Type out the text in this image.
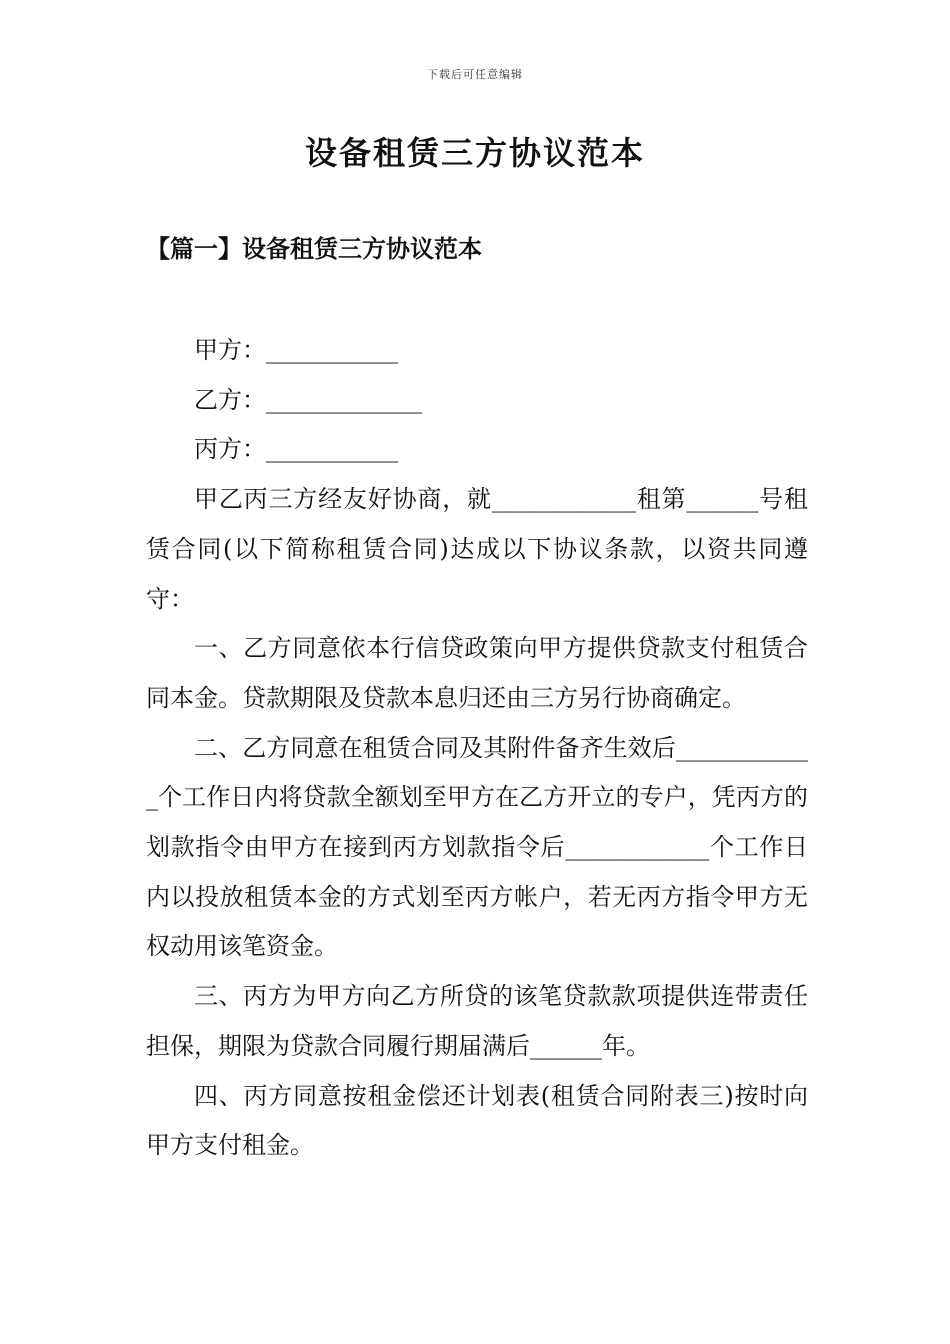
下载后可任意编辑
设备租赁三方协议范本
【篇一】设备租赁三方协议范本

甲方：___________

乙方：_____________

丙方：___________

甲乙丙三方经友好协商，就____________租第______号租赁合同(以下简称租赁合同)达成以下协议条款，以资共同遵守：

一、乙方同意依本行信贷政策向甲方提供贷款支付租赁合同本金。贷款期限及贷款本息归还由三方另行协商确定。

二、乙方同意在租赁合同及其附件备齐生效后____________个工作日内将贷款全额划至甲方在乙方开立的专户，凭丙方的划款指令由甲方在接到丙方划款指令后____________个工作日内以投放租赁本金的方式划至丙方帐户，若无丙方指令甲方无权动用该笔资金。

三、丙方为甲方向乙方所贷的该笔贷款款项提供连带责任担保，期限为贷款合同履行期届满后______年。

四、丙方同意按租金偿还计划表(租赁合同附表三)按时向甲方支付租金。
